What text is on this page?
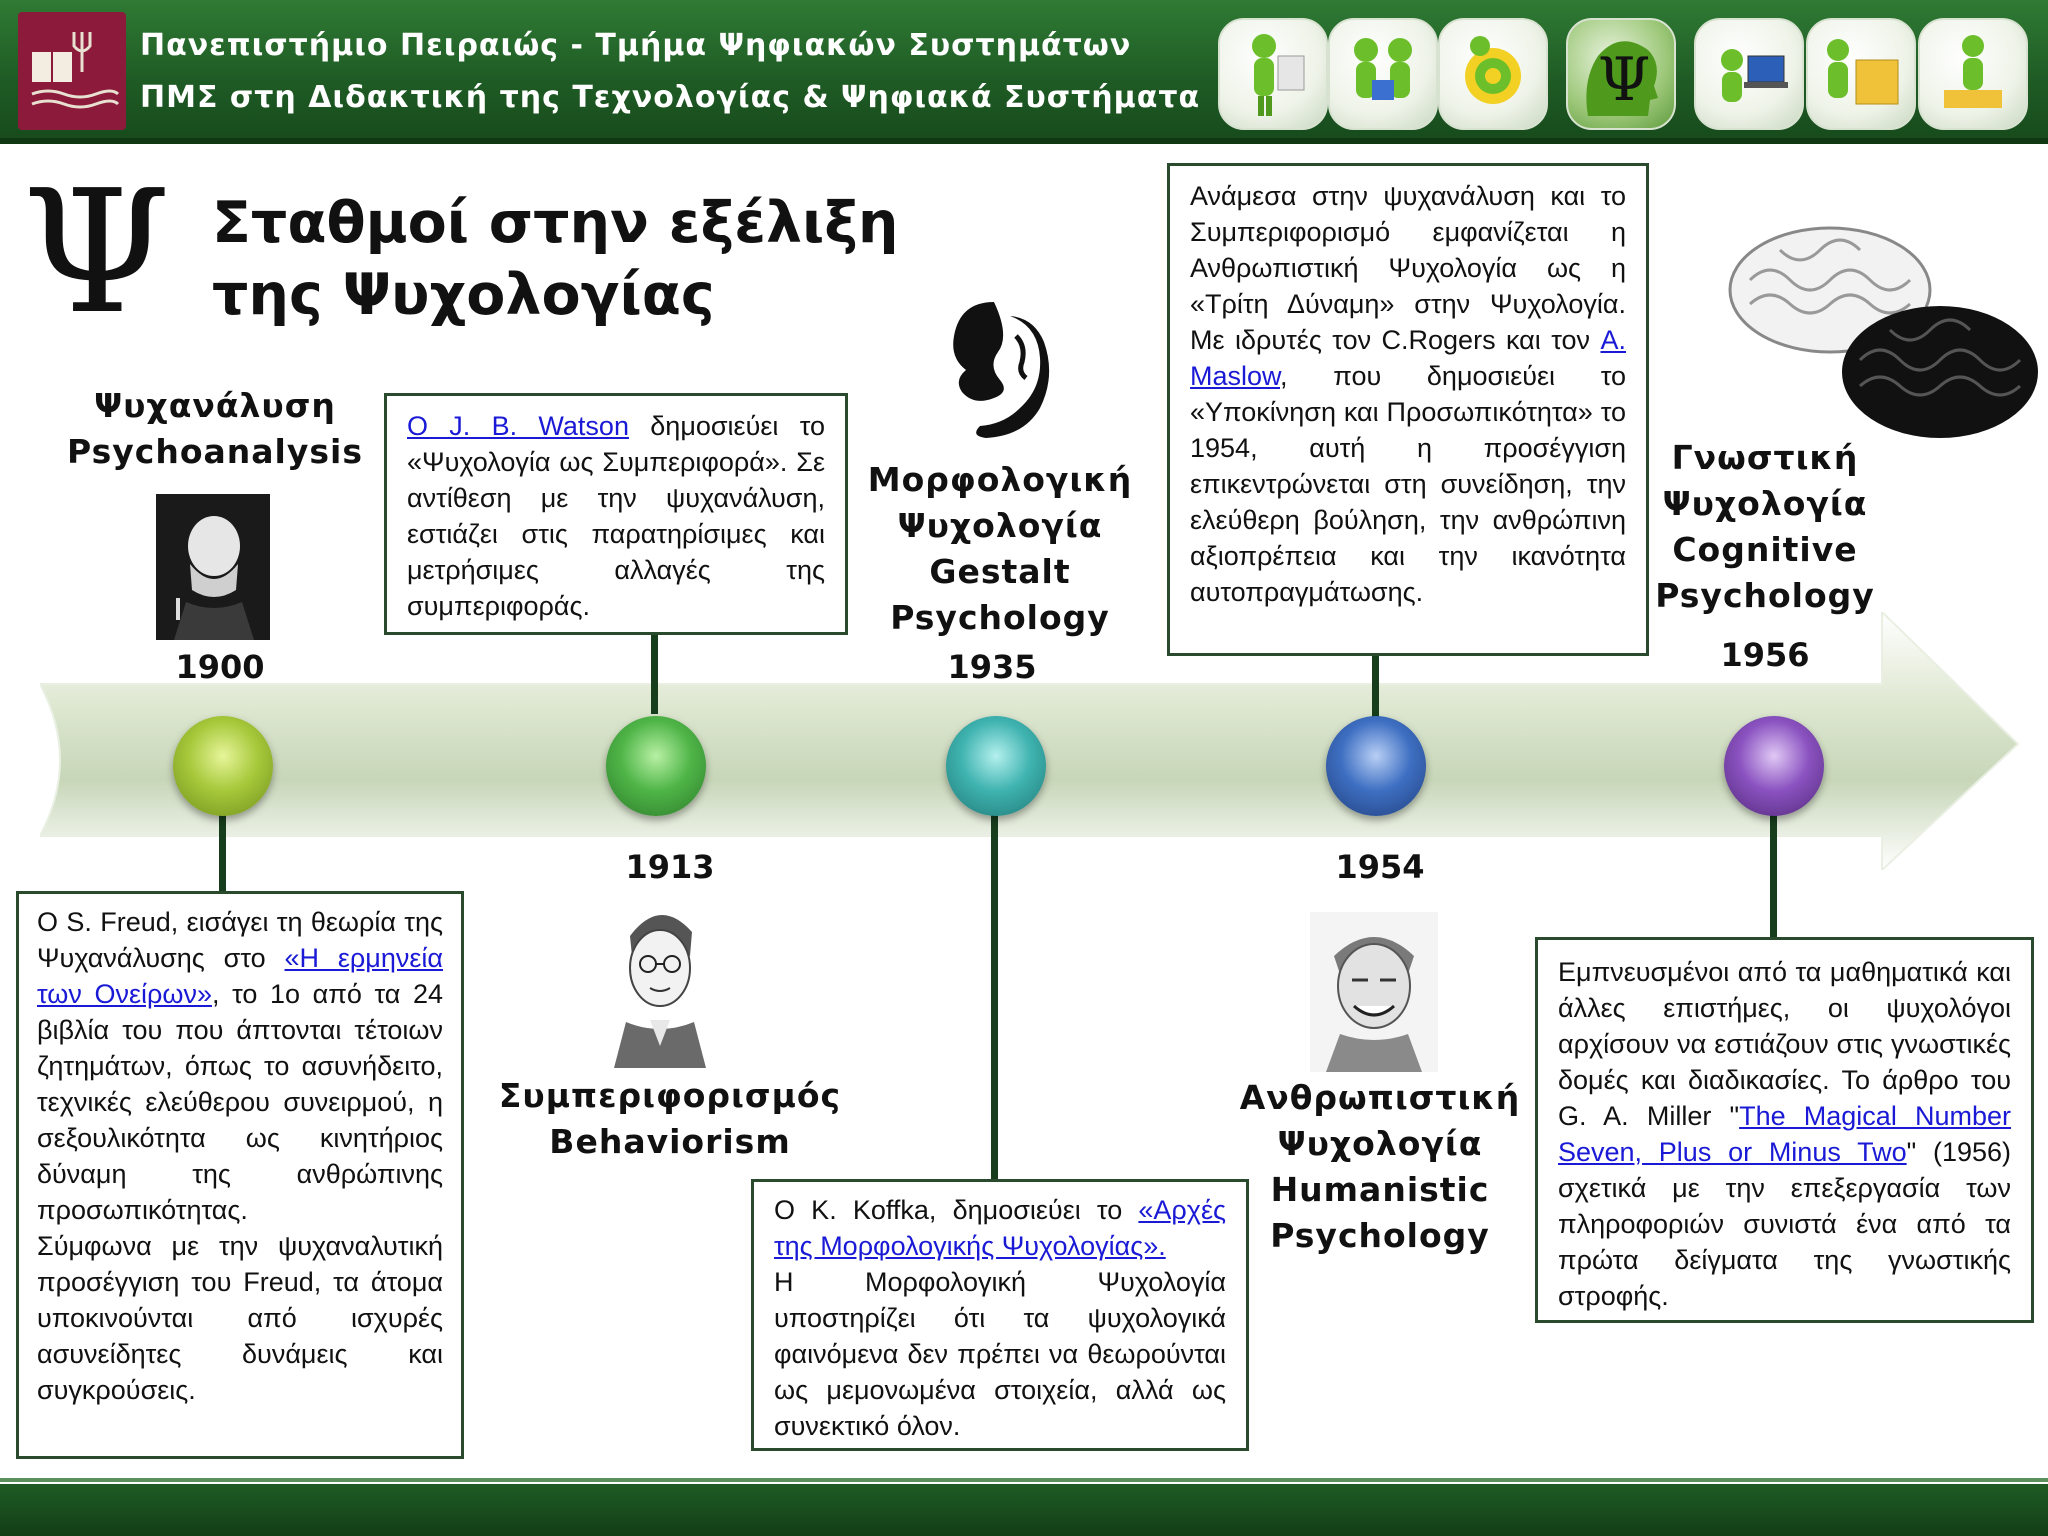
Πανεπιστήμιο Πειραιώς - Τμήμα Ψηφιακών Συστημάτων
ΠΜΣ στη Διδακτική της Τεχνολογίας & Ψηφιακά Συστήματα	Ψ
Ψ Σταθμοί στην εξέλιξη
της Ψυχολογίας
Ψυχανάλυση
Psychoanalysis
1900
Ο S. Freud, εισάγει τη θεωρία της Ψυχανάλυσης στο «Η ερμηνεία των Ονείρων», το 1ο από τα 24 βιβλία του που άπτονται τέτοιων ζητημάτων, όπως το ασυνήδειτο, τεχνικές ελεύθερου συνειρμού, η σεξουλικότητα ως κινητήριος δύναμη της ανθρώπινης προσωπικότητας.
Σύμφωνα με την ψυχαναλυτική προσέγγιση του Freud, τα άτομα υποκινούνται από ισχυρές ασυνείδητες δυνάμεις και συγκρούσεις.
Ο J. B. Watson δημοσιεύει το «Ψυχολογία ως Συμπεριφορά». Σε αντίθεση με την ψυχανάλυση, εστιάζει στις παρατηρίσιμες και μετρήσιμες αλλαγές της συμπεριφοράς.
1913
Συμπεριφορισμός
Behaviorism
Μορφολογική
Ψυχολογία
Gestalt
Psychology
1935
Ο K. Koffka, δημοσιεύει το «Αρχές της Μορφολογικής Ψυχολογίας».
Η Μορφολογική Ψυχολογία υποστηρίζει ότι τα ψυχολογικά φαινόμενα δεν πρέπει να θεωρούνται ως μεμονωμένα στοιχεία, αλλά ως συνεκτικό όλον.
Ανάμεσα στην ψυχανάλυση και το Συμπεριφορισμό εμφανίζεται η Ανθρωπιστική Ψυχολογία ως η «Τρίτη Δύναμη» στην Ψυχολογία. Με ιδρυτές τον C.Rogers και τον A. Maslow, που δημοσιεύει το «Υποκίνηση και Προσωπικότητα» το 1954, αυτή η προσέγγιση επικεντρώνεται στη συνείδηση, την ελεύθερη βούληση, την ανθρώπινη αξιοπρέπεια και την ικανότητα αυτοπραγμάτωσης.
1954
Ανθρωπιστική
Ψυχολογία
Humanistic
Psychology
Γνωστική
Ψυχολογία
Cognitive
Psychology
1956
Εμπνευσμένοι από τα μαθηματικά και άλλες επιστήμες, οι ψυχολόγοι αρχίσουν να εστιάζουν στις γνωστικές δομές και διαδικασίες. Το άρθρο του G. A. Miller "The Magical Number Seven, Plus or Minus Two" (1956) σχετικά με την επεξεργασία των πληροφοριών συνιστά ένα από τα πρώτα δείγματα της γνωστικής στροφής.
